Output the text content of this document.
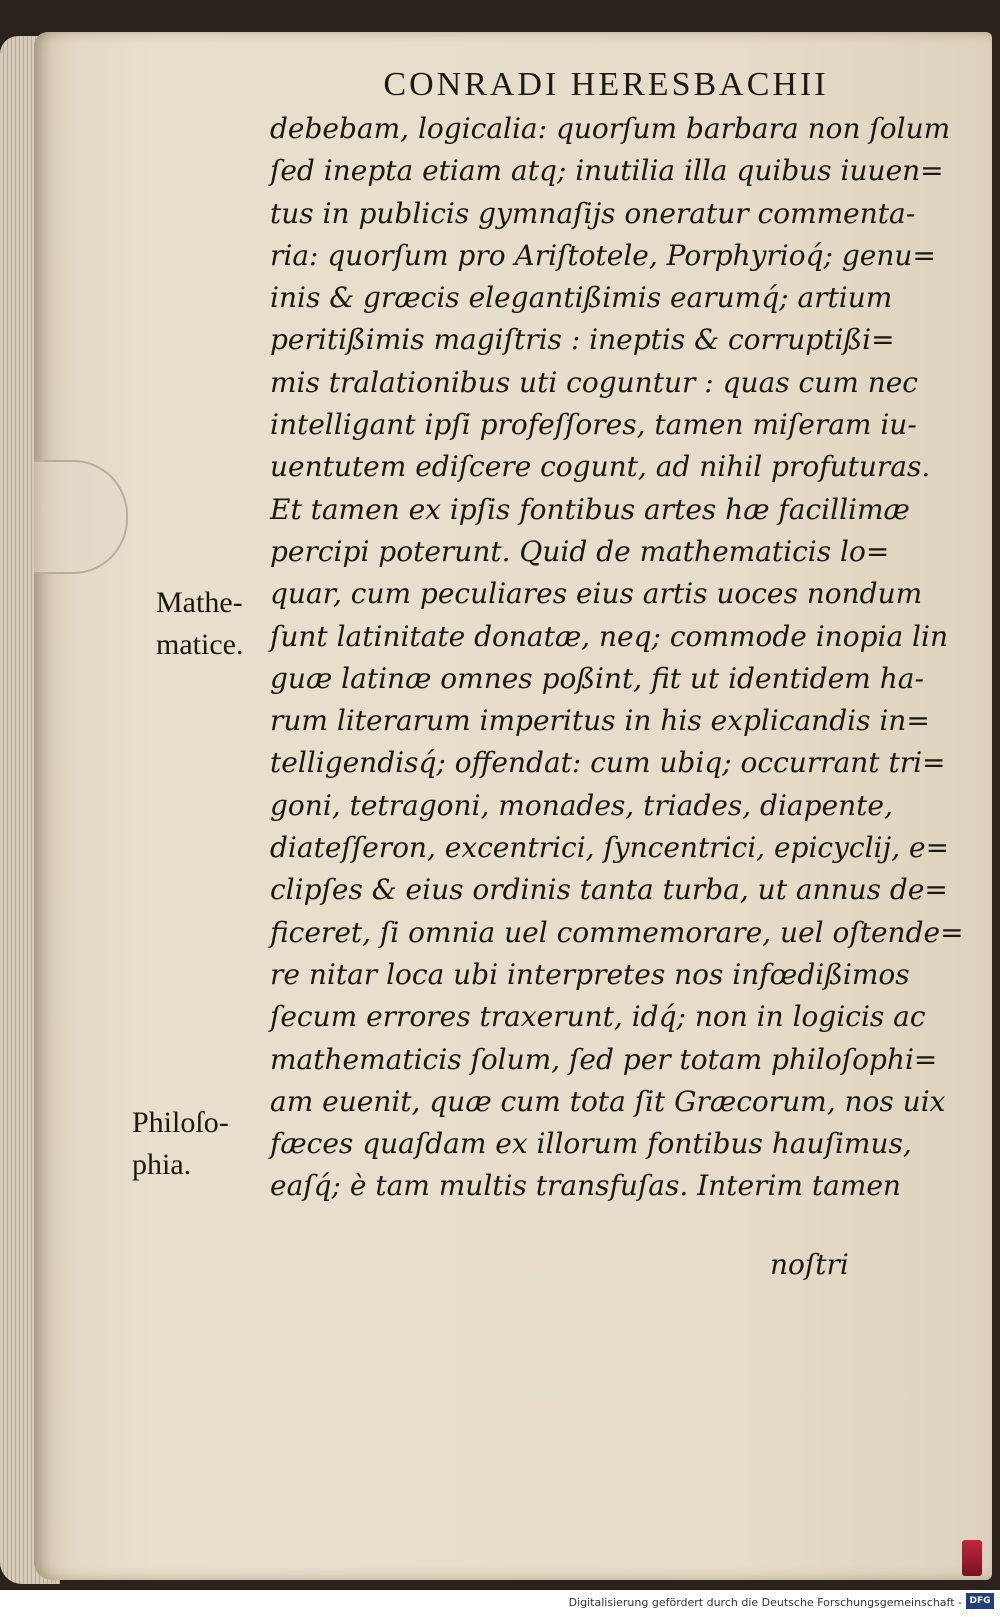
CONRADI HERESBACHII
Mathe-
matice.
Philoſo-
phia.
debebam, logicalia: quorſum barbara non ſolum
ſed inepta etiam atq; inutilia illa quibus iuuen=
tus in publicis gymnaſijs oneratur commenta-
ria: quorſum pro Ariſtotele, Porphyrioq́; genu=
inis & græcis elegantißimis earumq́; artium
peritißimis magiſtris : ineptis & corruptißi=
mis tralationibus uti coguntur : quas cum nec
intelligant ipſi profeſſores, tamen miſeram iu-
uentutem ediſcere cogunt, ad nihil profuturas.
Et tamen ex ipſis fontibus artes hæ facillimæ
percipi poterunt. Quid de mathematicis lo=
quar, cum peculiares eius artis uoces nondum
ſunt latinitate donatæ, neq; commode inopia lin
guæ latinæ omnes poßint, fit ut identidem ha-
rum literarum imperitus in his explicandis in=
telligendisq́; offendat: cum ubiq; occurrant tri=
goni, tetragoni, monades, triades, diapente,
diateſſeron, excentrici, ſyncentrici, epicyclij, e=
clipſes & eius ordinis tanta turba, ut annus de=
ficeret, ſi omnia uel commemorare, uel oſtende=
re nitar loca ubi interpretes nos infœdißimos
ſecum errores traxerunt, idq́; non in logicis ac
mathematicis ſolum, ſed per totam philoſophi=
am euenit, quæ cum tota ſit Græcorum, nos uix
fæces quaſdam ex illorum fontibus hauſimus,
eaſq́; è tam multis transfuſas. Interim tamen
noſtri
Digitalisierung gefördert durch die Deutsche Forschungsgemeinschaft - DFG
